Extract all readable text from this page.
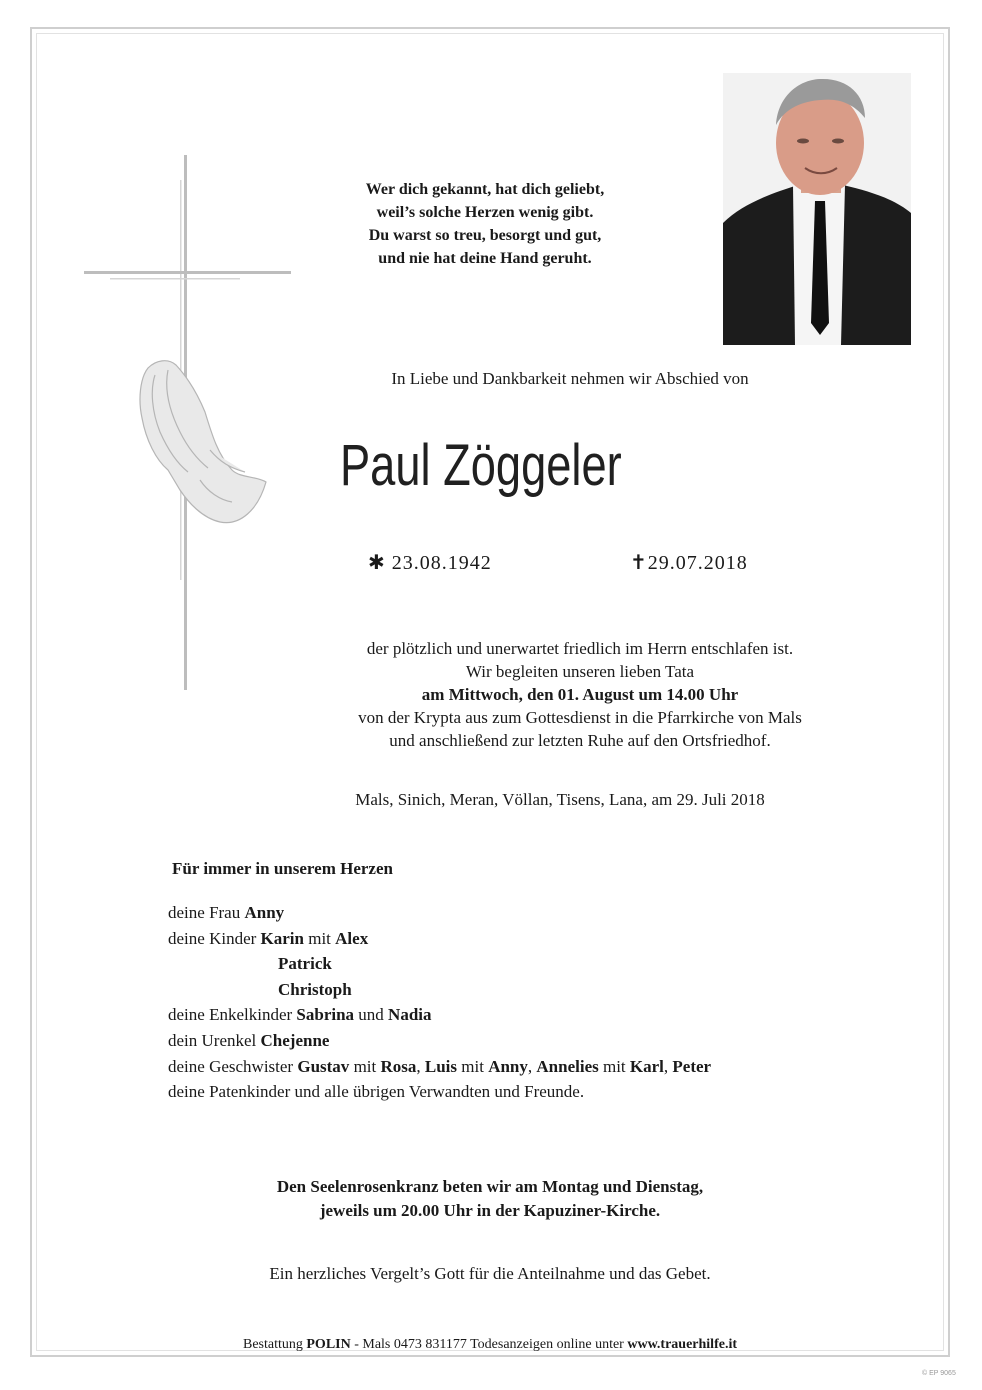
Wer dich gekannt, hat dich geliebt,
weil’s solche Herzen wenig gibt.
Du warst so treu, besorgt und gut,
und nie hat deine Hand geruht.
In Liebe und Dankbarkeit nehmen wir Abschied von
Paul Zöggeler
✱ 23.08.1942	✝29.07.2018
der plötzlich und unerwartet friedlich im Herrn entschlafen ist.
Wir begleiten unseren lieben Tata
am Mittwoch, den 01. August um 14.00 Uhr
von der Krypta aus zum Gottesdienst in die Pfarrkirche von Mals
und anschließend zur letzten Ruhe auf den Ortsfriedhof.
Mals, Sinich, Meran, Völlan, Tisens, Lana, am 29. Juli 2018
Für immer in unserem Herzen
deine Frau Anny
deine Kinder Karin mit Alex
Patrick
Christoph
deine Enkelkinder Sabrina und Nadia
dein Urenkel Chejenne
deine Geschwister Gustav mit Rosa, Luis mit Anny, Annelies mit Karl, Peter
deine Patenkinder und alle übrigen Verwandten und Freunde.
Den Seelenrosenkranz beten wir am Montag und Dienstag,
jeweils um 20.00 Uhr in der Kapuziner-Kirche.
Ein herzliches Vergelt’s Gott für die Anteilnahme und das Gebet.
Bestattung POLIN - Mals 0473 831177 Todesanzeigen online unter www.trauerhilfe.it
© EP 9065
